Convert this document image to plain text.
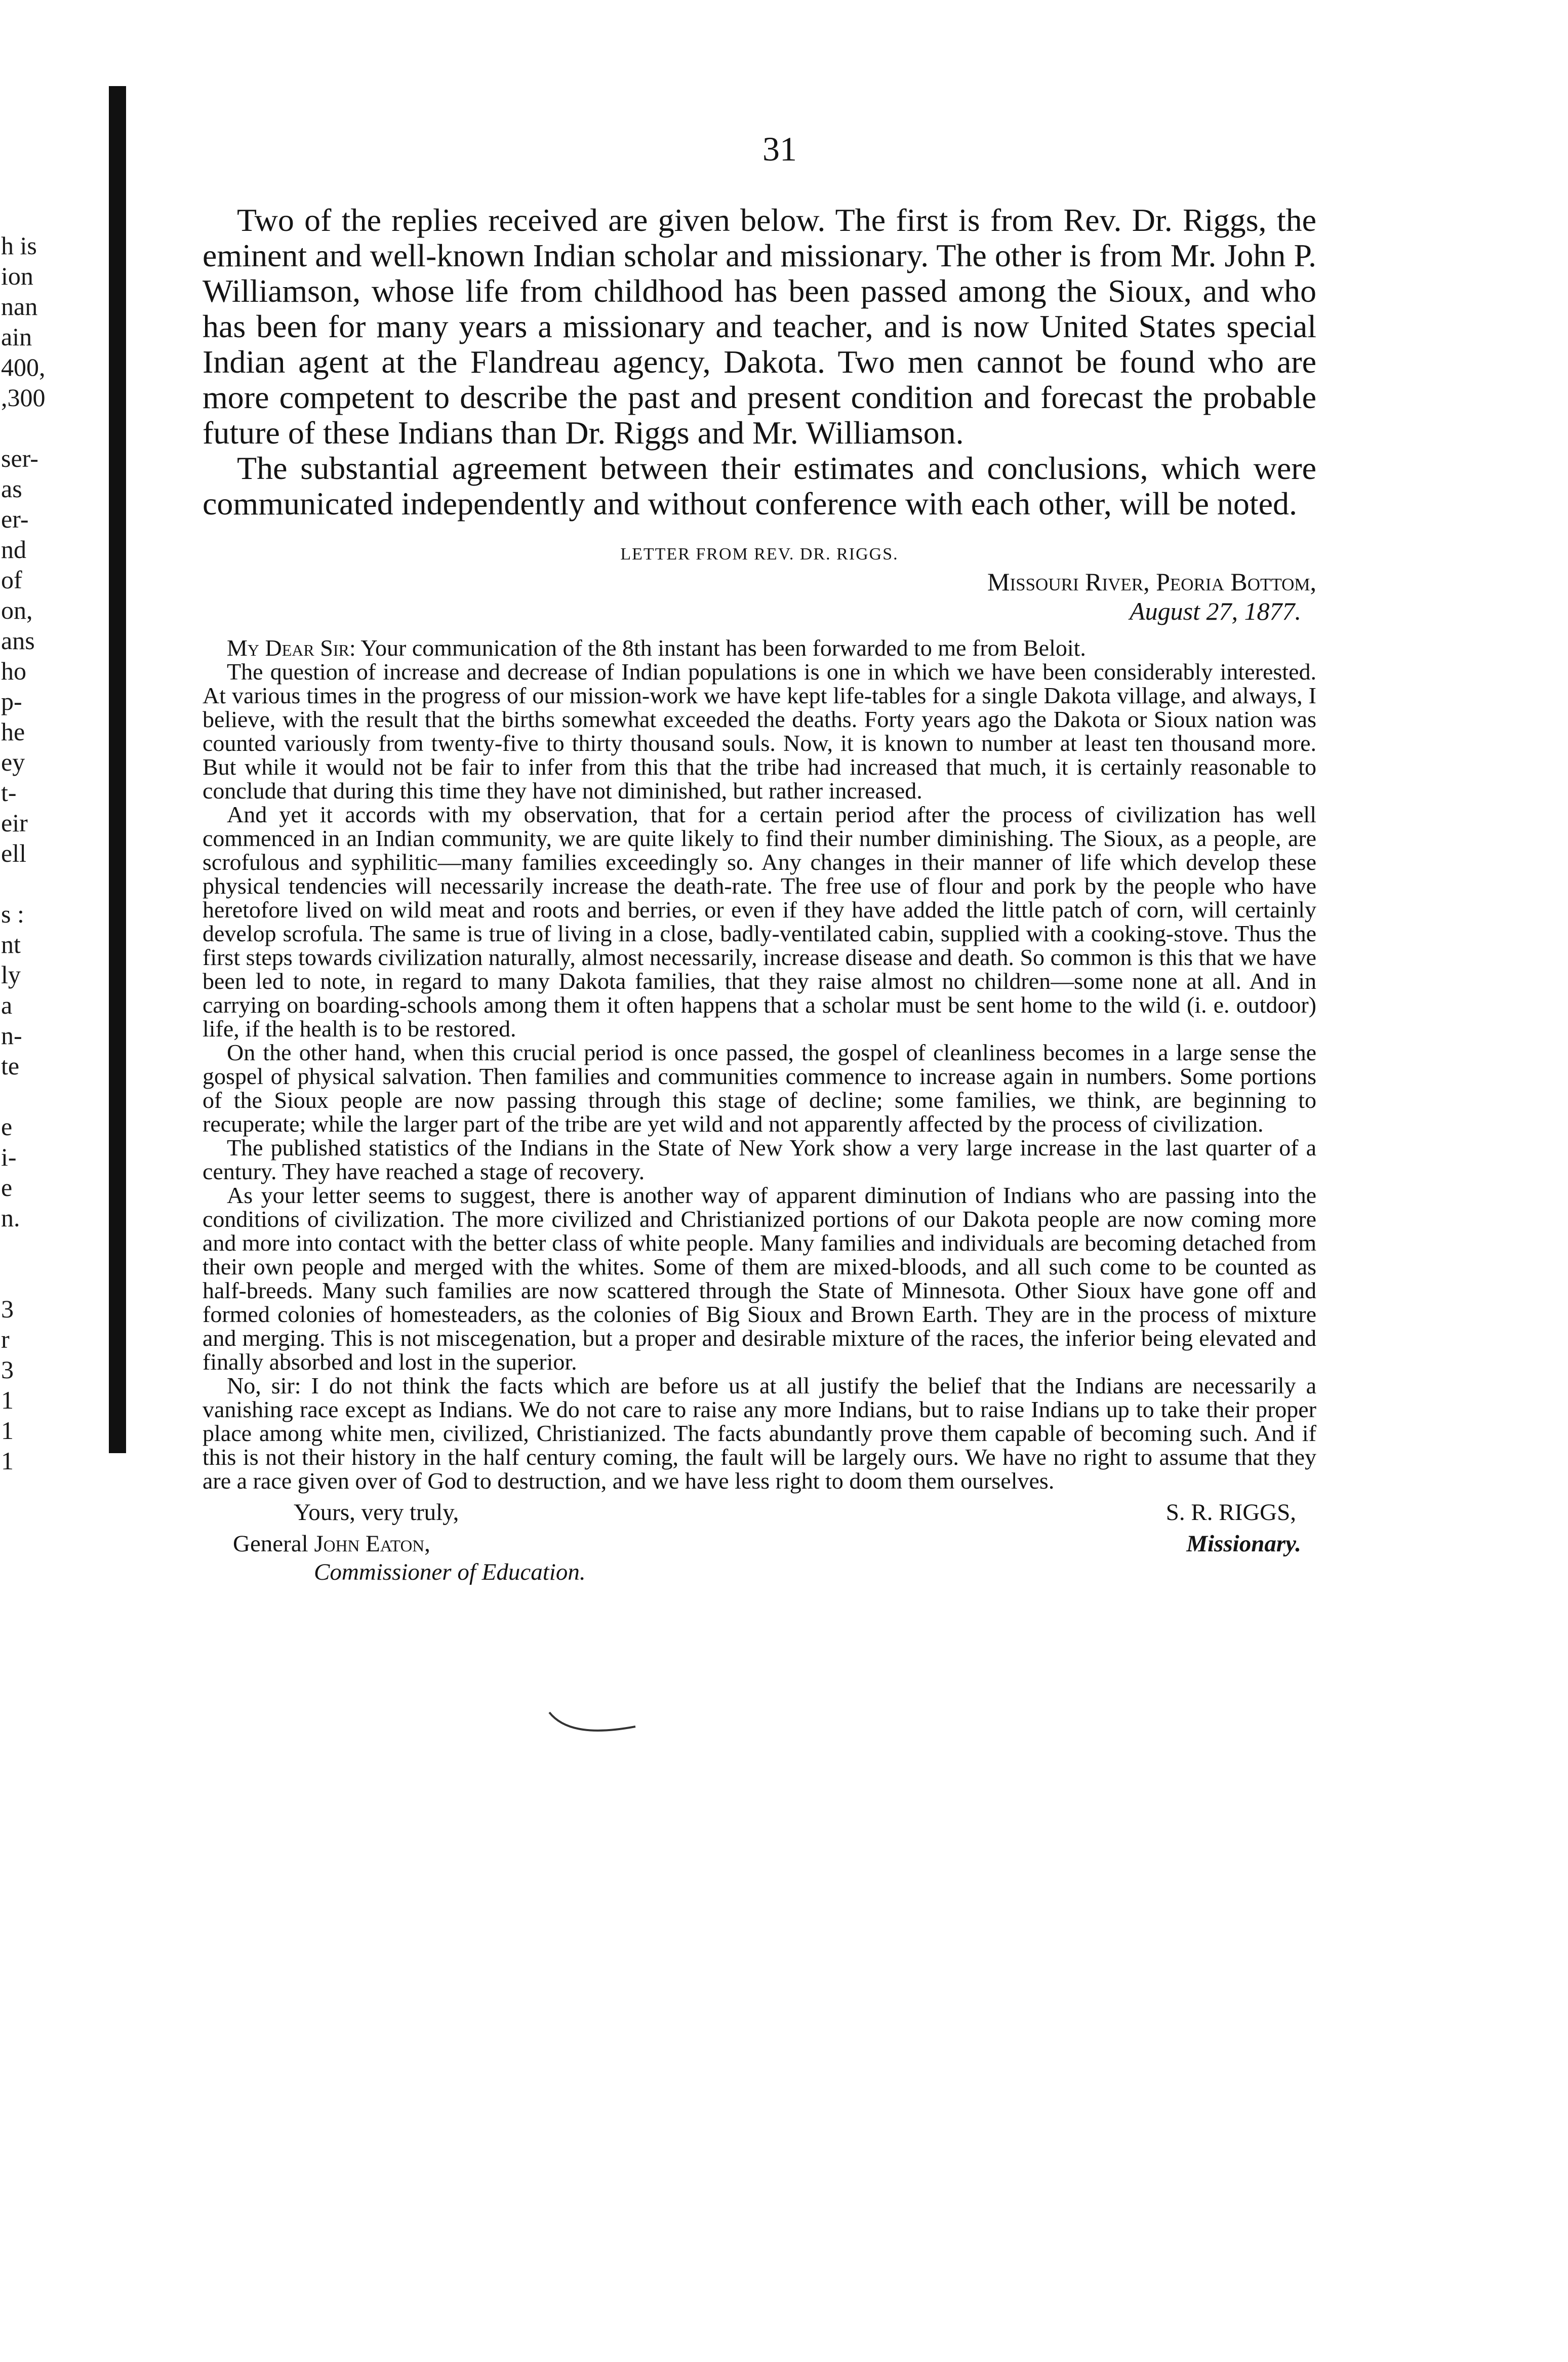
h is
ion
nan
ain
400,
,300
ser-
as
er-
nd
of
on,
ans
ho
p-
he
ey
t-
eir
ell
s :
nt
ly
a
n-
te
e
i-
e
n.
3
r
3
1
1
1
31

Two of the replies received are given below. The first is from Rev. Dr. Riggs, the eminent and well-known Indian scholar and missionary. The other is from Mr. John P. Williamson, whose life from childhood has been passed among the Sioux, and who has been for many years a missionary and teacher, and is now United States special Indian agent at the Flandreau agency, Dakota. Two men cannot be found who are more competent to describe the past and present condition and forecast the probable future of these Indians than Dr. Riggs and Mr. Williamson.

The substantial agreement between their estimates and conclusions, which were communicated independently and without conference with each other, will be noted.

LETTER FROM REV. DR. RIGGS.
Missouri River, Peoria Bottom,
August 27, 1877.

My Dear Sir: Your communication of the 8th instant has been forwarded to me from Beloit.

The question of increase and decrease of Indian populations is one in which we have been considerably interested. At various times in the progress of our mission-work we have kept life-tables for a single Dakota village, and always, I believe, with the result that the births somewhat exceeded the deaths. Forty years ago the Dakota or Sioux nation was counted variously from twenty-five to thirty thousand souls. Now, it is known to number at least ten thousand more. But while it would not be fair to infer from this that the tribe had increased that much, it is certainly reasonable to conclude that during this time they have not diminished, but rather increased.

And yet it accords with my observation, that for a certain period after the process of civilization has well commenced in an Indian community, we are quite likely to find their number diminishing. The Sioux, as a people, are scrofulous and syphilitic—many families exceedingly so. Any changes in their manner of life which develop these physical tendencies will necessarily increase the death-rate. The free use of flour and pork by the people who have heretofore lived on wild meat and roots and berries, or even if they have added the little patch of corn, will certainly develop scrofula. The same is true of living in a close, badly-ventilated cabin, supplied with a cooking-stove. Thus the first steps towards civilization naturally, almost necessarily, increase disease and death. So common is this that we have been led to note, in regard to many Dakota families, that they raise almost no children—some none at all. And in carrying on boarding-schools among them it often happens that a scholar must be sent home to the wild (i. e. outdoor) life, if the health is to be restored.

On the other hand, when this crucial period is once passed, the gospel of cleanliness becomes in a large sense the gospel of physical salvation. Then families and communities commence to increase again in numbers. Some portions of the Sioux people are now passing through this stage of decline; some families, we think, are beginning to recuperate; while the larger part of the tribe are yet wild and not apparently affected by the process of civilization.

The published statistics of the Indians in the State of New York show a very large increase in the last quarter of a century. They have reached a stage of recovery.

As your letter seems to suggest, there is another way of apparent diminution of Indians who are passing into the conditions of civilization. The more civilized and Christianized portions of our Dakota people are now coming more and more into contact with the better class of white people. Many families and individuals are becoming detached from their own people and merged with the whites. Some of them are mixed-bloods, and all such come to be counted as half-breeds. Many such families are now scattered through the State of Minnesota. Other Sioux have gone off and formed colonies of homesteaders, as the colonies of Big Sioux and Brown Earth. They are in the process of mixture and merging. This is not miscegenation, but a proper and desirable mixture of the races, the inferior being elevated and finally absorbed and lost in the superior.

No, sir: I do not think the facts which are before us at all justify the belief that the Indians are necessarily a vanishing race except as Indians. We do not care to raise any more Indians, but to raise Indians up to take their proper place among white men, civilized, Christianized. The facts abundantly prove them capable of becoming such. And if this is not their history in the half century coming, the fault will be largely ours. We have no right to assume that they are a race given over of God to destruction, and we have less right to doom them ourselves.

Yours, very truly,	S. R. RIGGS,
General John Eaton,	Missionary.
Commissioner of Education.
